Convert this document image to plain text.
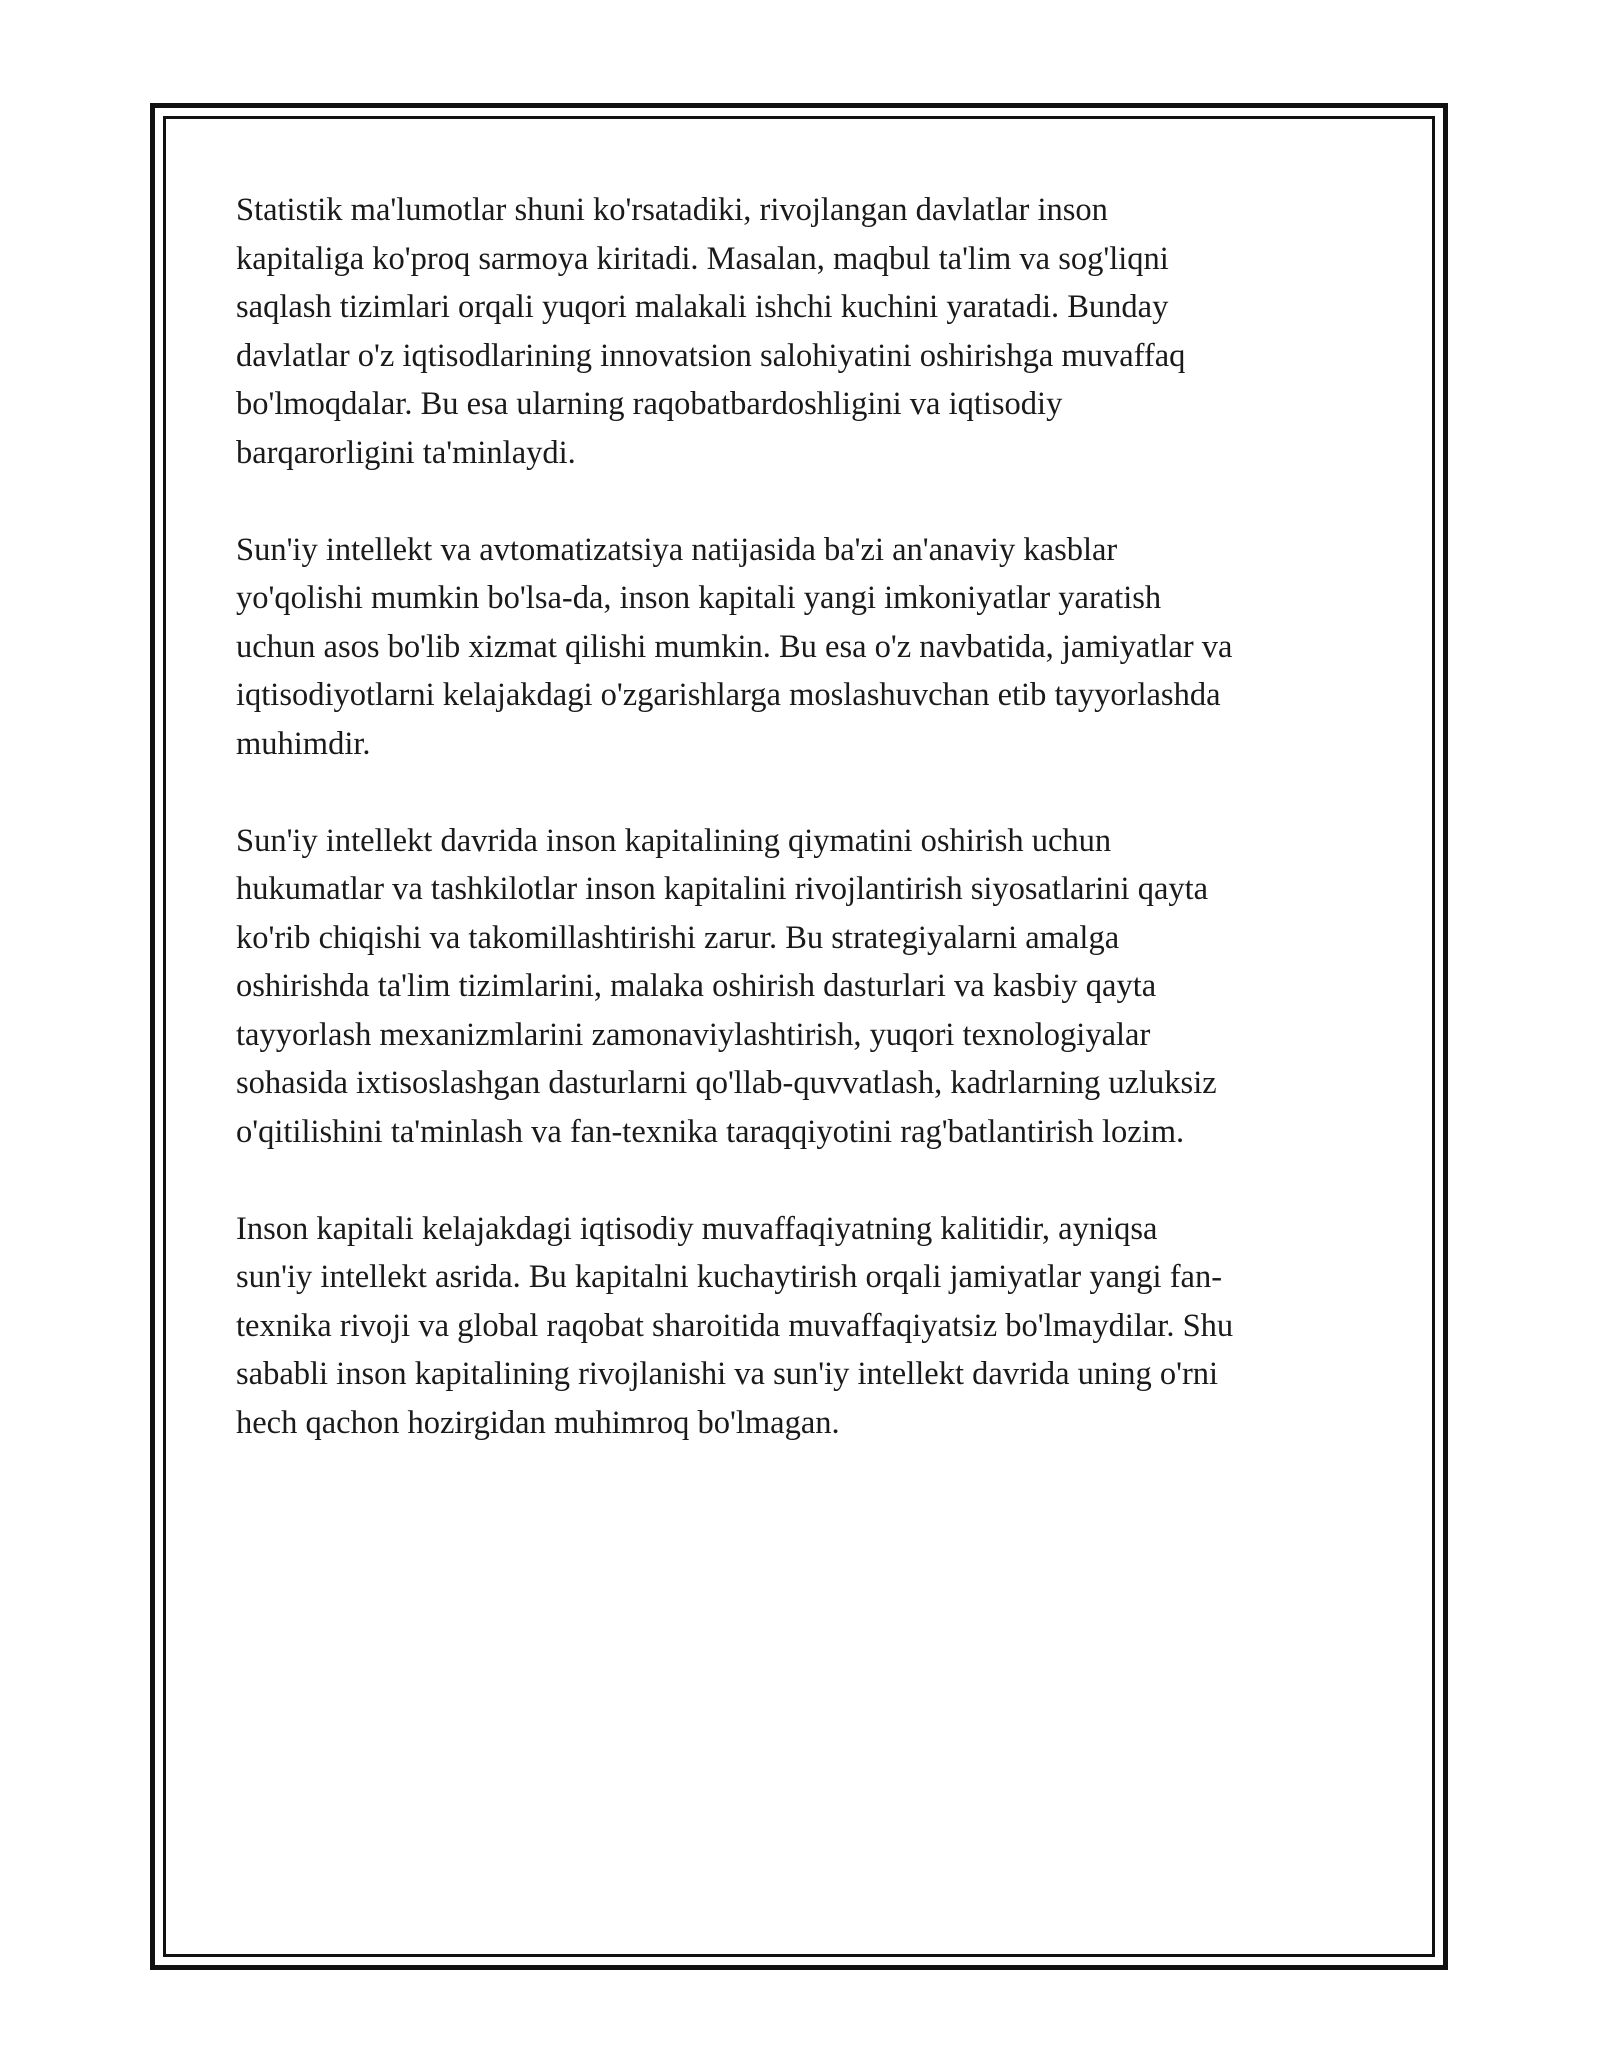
Statistik ma'lumotlar shuni ko'rsatadiki, rivojlangan davlatlar inson
kapitaliga ko'proq sarmoya kiritadi. Masalan, maqbul ta'lim va sog'liqni
saqlash tizimlari orqali yuqori malakali ishchi kuchini yaratadi. Bunday
davlatlar o'z iqtisodlarining innovatsion salohiyatini oshirishga muvaffaq
bo'lmoqdalar. Bu esa ularning raqobatbardoshligini va iqtisodiy
barqarorligini ta'minlaydi.

Sun'iy intellekt va avtomatizatsiya natijasida ba'zi an'anaviy kasblar
yo'qolishi mumkin bo'lsa-da, inson kapitali yangi imkoniyatlar yaratish
uchun asos bo'lib xizmat qilishi mumkin. Bu esa o'z navbatida, jamiyatlar va
iqtisodiyotlarni kelajakdagi o'zgarishlarga moslashuvchan etib tayyorlashda
muhimdir.

Sun'iy intellekt davrida inson kapitalining qiymatini oshirish uchun
hukumatlar va tashkilotlar inson kapitalini rivojlantirish siyosatlarini qayta
ko'rib chiqishi va takomillashtirishi zarur. Bu strategiyalarni amalga
oshirishda ta'lim tizimlarini, malaka oshirish dasturlari va kasbiy qayta
tayyorlash mexanizmlarini zamonaviylashtirish, yuqori texnologiyalar
sohasida ixtisoslashgan dasturlarni qo'llab-quvvatlash, kadrlarning uzluksiz
o'qitilishini ta'minlash va fan-texnika taraqqiyotini rag'batlantirish lozim.

Inson kapitali kelajakdagi iqtisodiy muvaffaqiyatning kalitidir, ayniqsa
sun'iy intellekt asrida. Bu kapitalni kuchaytirish orqali jamiyatlar yangi fan-
texnika rivoji va global raqobat sharoitida muvaffaqiyatsiz bo'lmaydilar. Shu
sababli inson kapitalining rivojlanishi va sun'iy intellekt davrida uning o'rni
hech qachon hozirgidan muhimroq bo'lmagan.
